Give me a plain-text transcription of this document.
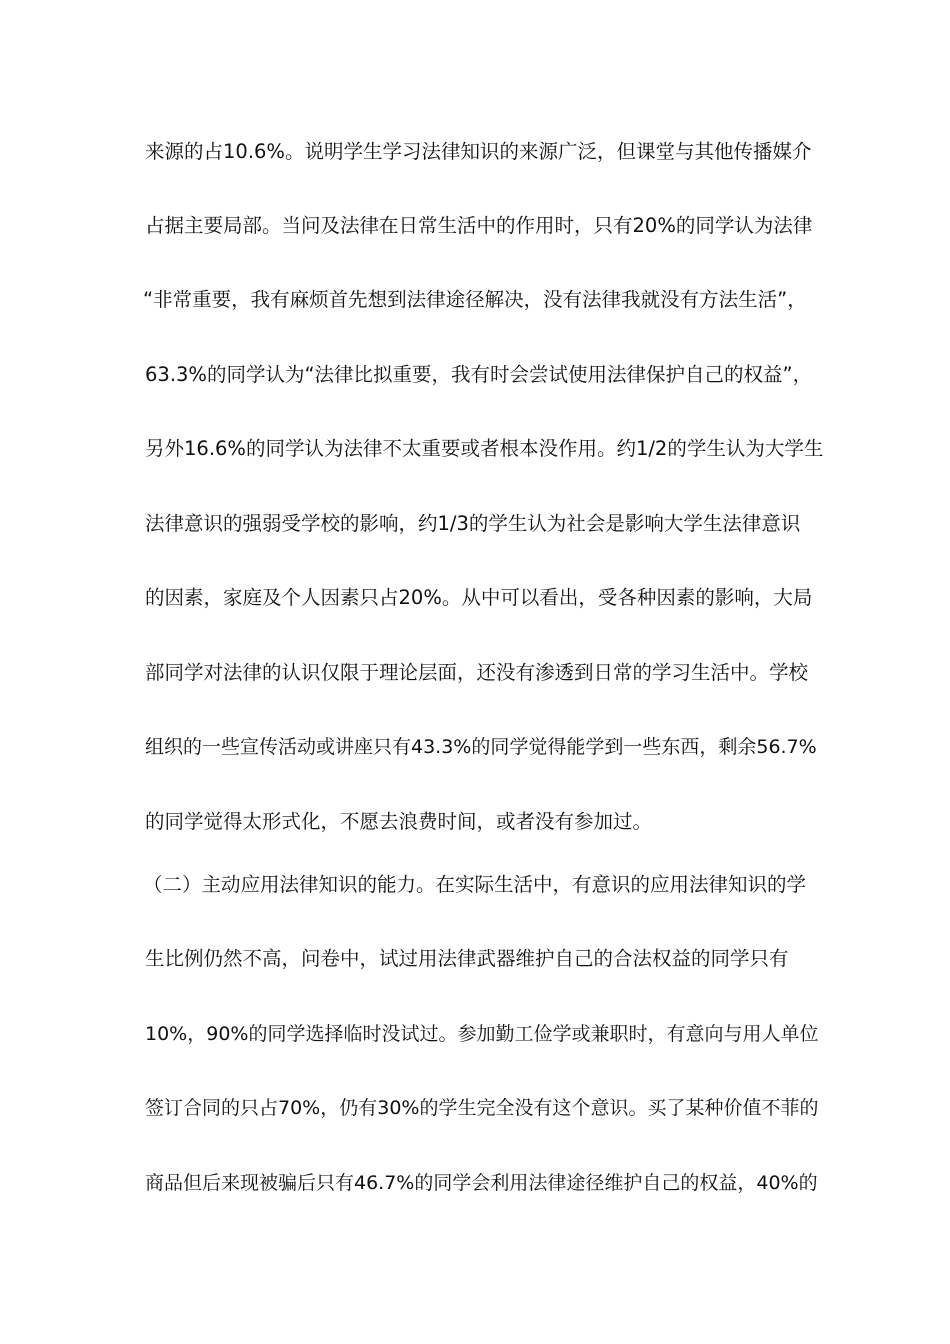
来源的占10.6%。说明学生学习法律知识的来源广泛，但课堂与其他传播媒介
占据主要局部。当问及法律在日常生活中的作用时，只有20%的同学认为法律
“非常重要，我有麻烦首先想到法律途径解决，没有法律我就没有方法生活”，
63.3%的同学认为“法律比拟重要，我有时会尝试使用法律保护自己的权益”，
另外16.6%的同学认为法律不太重要或者根本没作用。约1/2的学生认为大学生
法律意识的强弱受学校的影响，约1/3的学生认为社会是影响大学生法律意识
的因素，家庭及个人因素只占20%。从中可以看出，受各种因素的影响，大局
部同学对法律的认识仅限于理论层面，还没有渗透到日常的学习生活中。学校
组织的一些宣传活动或讲座只有43.3%的同学觉得能学到一些东西，剩余56.7%
的同学觉得太形式化，不愿去浪费时间，或者没有参加过。
（二）主动应用法律知识的能力。在实际生活中，有意识的应用法律知识的学
生比例仍然不高，问卷中，试过用法律武器维护自己的合法权益的同学只有
10%，90%的同学选择临时没试过。参加勤工俭学或兼职时，有意向与用人单位
签订合同的只占70%，仍有30%的学生完全没有这个意识。买了某种价值不菲的
商品但后来现被骗后只有46.7%的同学会利用法律途径维护自己的权益，40%的
